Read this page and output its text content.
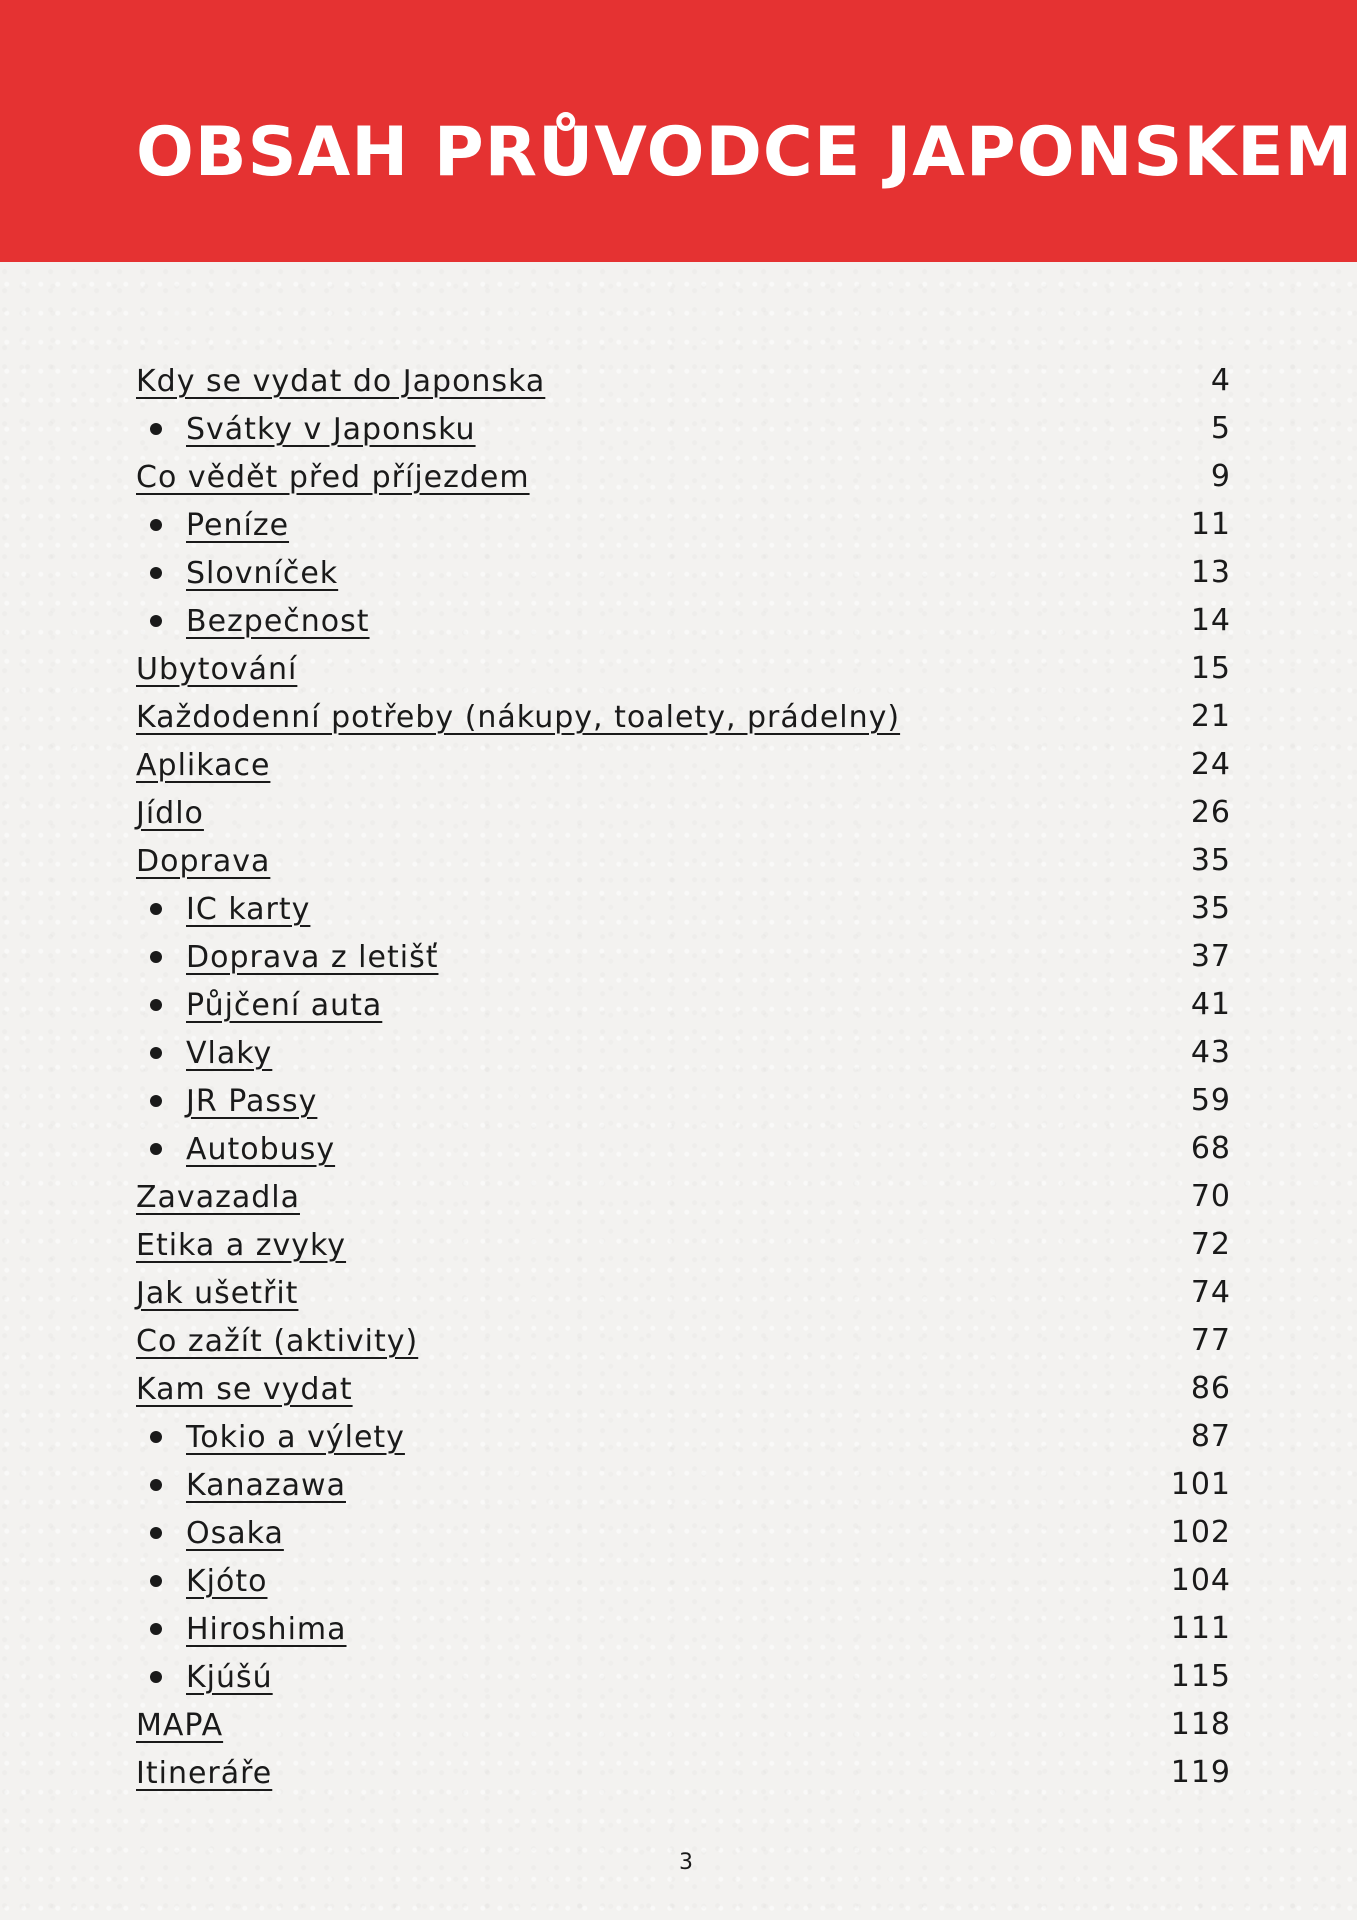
OBSAH PRŮVODCE JAPONSKEM
Kdy se vydat do Japonska	4
Svátky v Japonsku	5
Co vědět před příjezdem	9
Peníze	11
Slovníček	13
Bezpečnost	14
Ubytování	15
Každodenní potřeby (nákupy, toalety, prádelny)	21
Aplikace	24
Jídlo	26
Doprava	35
IC karty	35
Doprava z letišť	37
Půjčení auta	41
Vlaky	43
JR Passy	59
Autobusy	68
Zavazadla	70
Etika a zvyky	72
Jak ušetřit	74
Co zažít (aktivity)	77
Kam se vydat	86
Tokio a výlety	87
Kanazawa	101
Osaka	102
Kjóto	104
Hiroshima	111
Kjúšú	115
MAPA	118
Itineráře	119
3
